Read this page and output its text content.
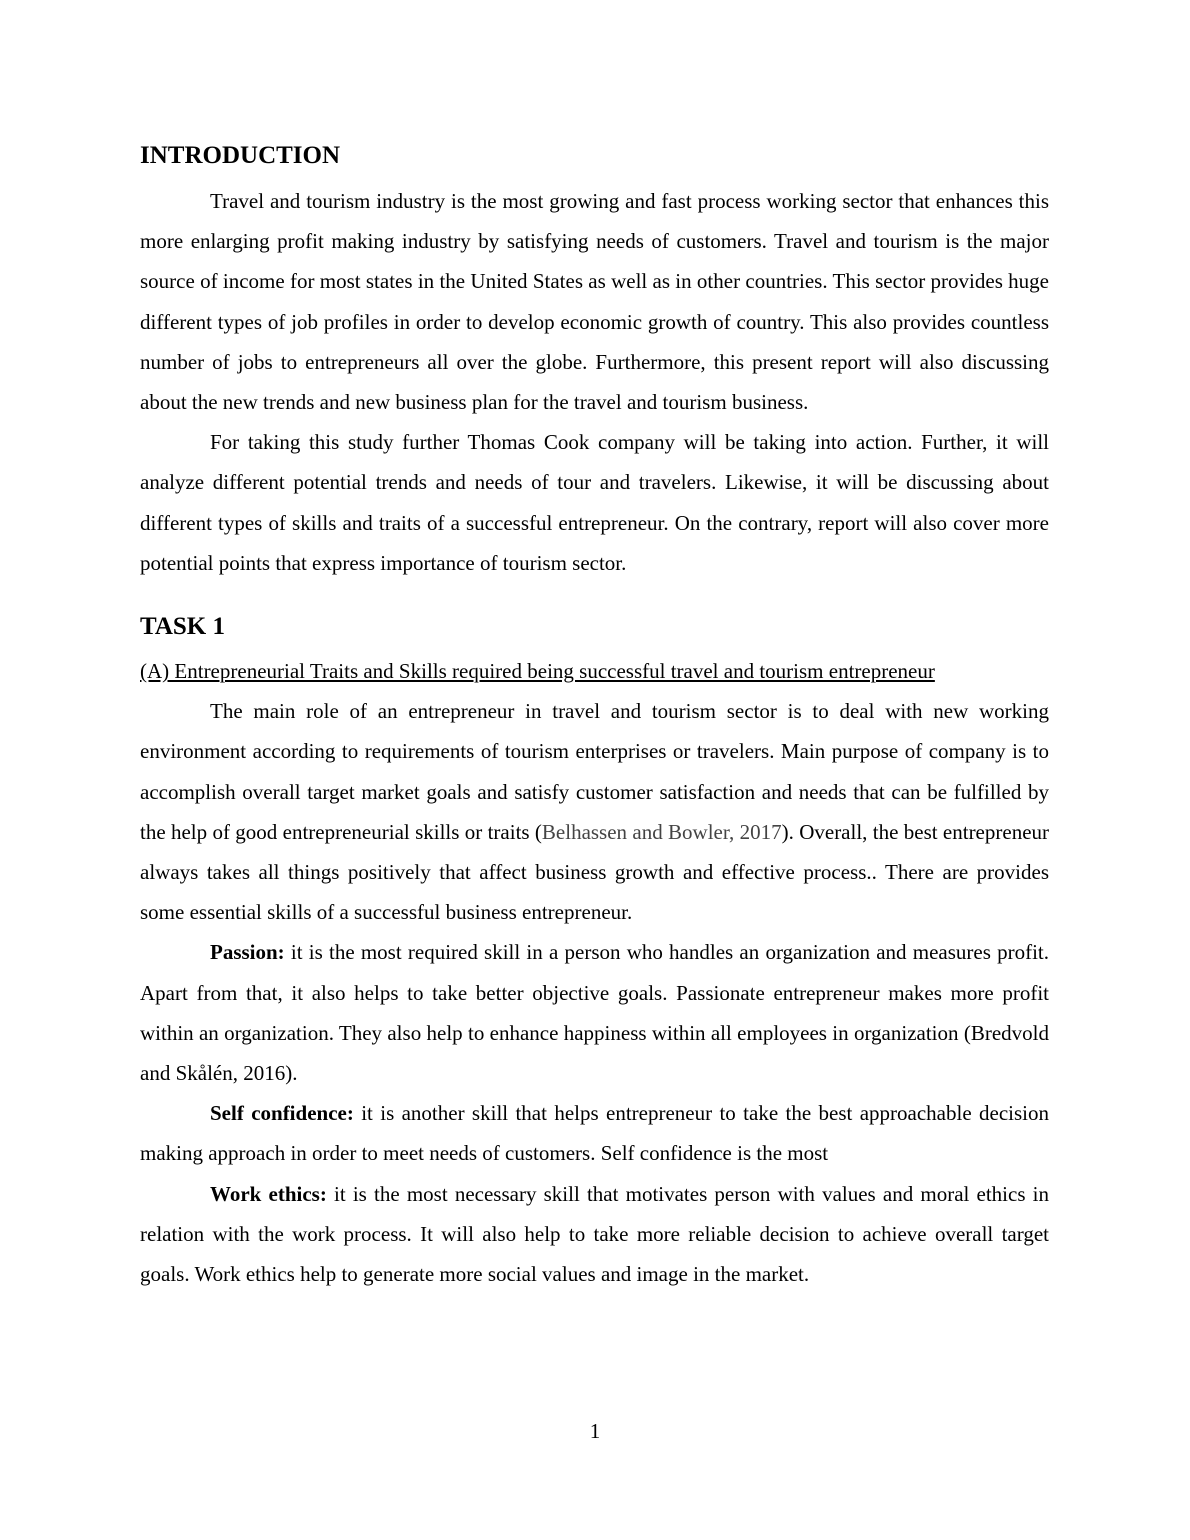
INTRODUCTION

Travel and tourism industry is the most growing and fast process working sector that enhances this more enlarging profit making industry by satisfying needs of customers. Travel and tourism is the major source of income for most states in the United States as well as in other countries. This sector provides huge different types of job profiles in order to develop economic growth of country. This also provides countless number of jobs to entrepreneurs all over the globe. Furthermore, this present report will also discussing about the new trends and new business plan for the travel and tourism business.

For taking this study further Thomas Cook company will be taking into action. Further, it will analyze different potential trends and needs of tour and travelers. Likewise, it will be discussing about different types of skills and traits of a successful entrepreneur. On the contrary, report will also cover more potential points that express importance of tourism sector.

TASK 1

(A) Entrepreneurial Traits and Skills required being successful travel and tourism entrepreneur

The main role of an entrepreneur in travel and tourism sector is to deal with new working environment according to requirements of tourism enterprises or travelers. Main purpose of company is to accomplish overall target market goals and satisfy customer satisfaction and needs that can be fulfilled by the help of good entrepreneurial skills or traits (Belhassen and Bowler, 2017). Overall, the best entrepreneur always takes all things positively that affect business growth and effective process.. There are provides some essential skills of a successful business entrepreneur.

Passion: it is the most required skill in a person who handles an organization and measures profit. Apart from that, it also helps to take better objective goals. Passionate entrepreneur makes more profit within an organization. They also help to enhance happiness within all employees in organization (Bredvold and Skålén, 2016).

Self confidence: it is another skill that helps entrepreneur to take the best approachable decision making approach in order to meet needs of customers. Self confidence is the most

Work ethics: it is the most necessary skill that motivates person with values and moral ethics in relation with the work process. It will also help to take more reliable decision to achieve overall target goals. Work ethics help to generate more social values and image in the market.

1
